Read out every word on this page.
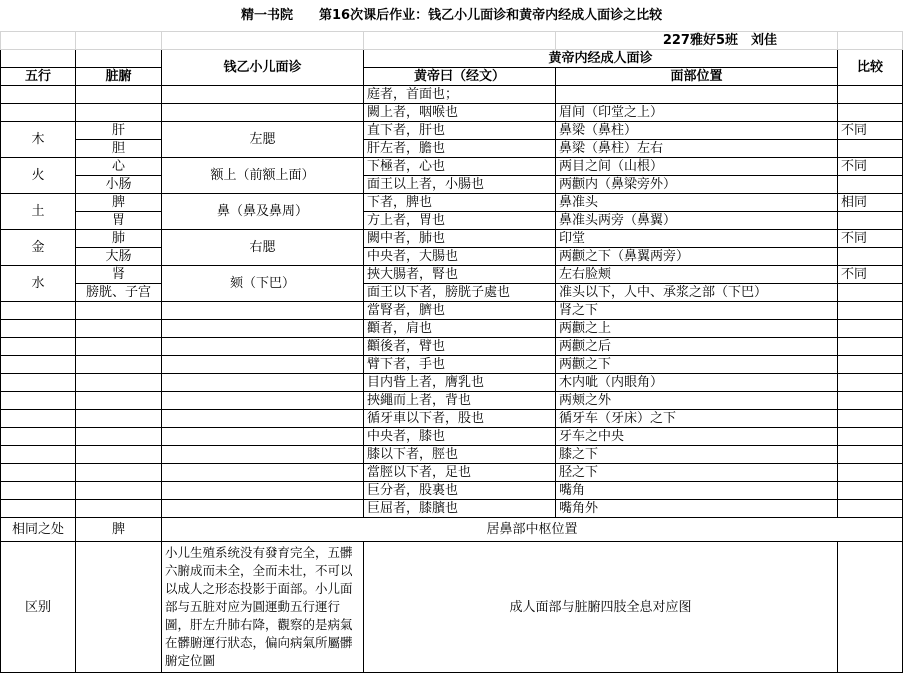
精一书院　　第16次课后作业：钱乙小儿面诊和黄帝内经成人面诊之比较					
				227雅好5班　刘佳	
		钱乙小儿面诊	黄帝内经成人面诊		比较
五行	脏腑		黄帝曰（经文）	面部位置	
			庭者，首面也；		
			闕上者，咽喉也	眉间（印堂之上）	
木	肝	左腮	直下者，肝也	鼻梁（鼻柱）	不同
	胆		肝左者，膽也	鼻梁（鼻柱）左右	
火	心	额上（前额上面）	下極者，心也	两目之间（山根）	不同
	小肠		面王以上者，小腸也	两颧内（鼻梁旁外）	
土	脾	鼻（鼻及鼻周）	下者，脾也	鼻准头	相同
	胃		方上者，胃也	鼻准头两旁（鼻翼）	
金	肺	右腮	闕中者，肺也	印堂	不同
	大肠		中央者，大腸也	两颧之下（鼻翼两旁）	
水	肾	颏（下巴）	挾大腸者，腎也	左右脸颊	不同
	膀胱、子宫		面王以下者，膀胱子處也	准头以下，人中、承浆之部（下巴）	
			當腎者，臍也	肾之下	
			顴者，肩也	两颧之上	
			顴後者，臂也	两颧之后	
			臂下者，手也	两颧之下	
			目内眥上者，膺乳也	木内呲（内眼角）	
			挾繩而上者，背也	两颊之外	
			循牙車以下者，股也	循牙车（牙床）之下	
			中央者，膝也	牙车之中央	
			膝以下者，脛也	膝之下	
			當脛以下者，足也	胫之下	
			巨分者，股裏也	嘴角	
			巨屈者，膝臏也	嘴角外	
相同之处	脾	居鼻部中枢位置			
区别		小儿生殖系统没有發育完全，五髒六腑成而未全，全而未壮，不可以以成人之形态投影于面部。小儿面部与五脏对应为圓運動五行運行圖，肝左升肺右降，觀察的是病氣在髒腑運行狀态，偏向病氣所屬髒腑定位圖	成人面部与脏腑四肢全息对应图		
